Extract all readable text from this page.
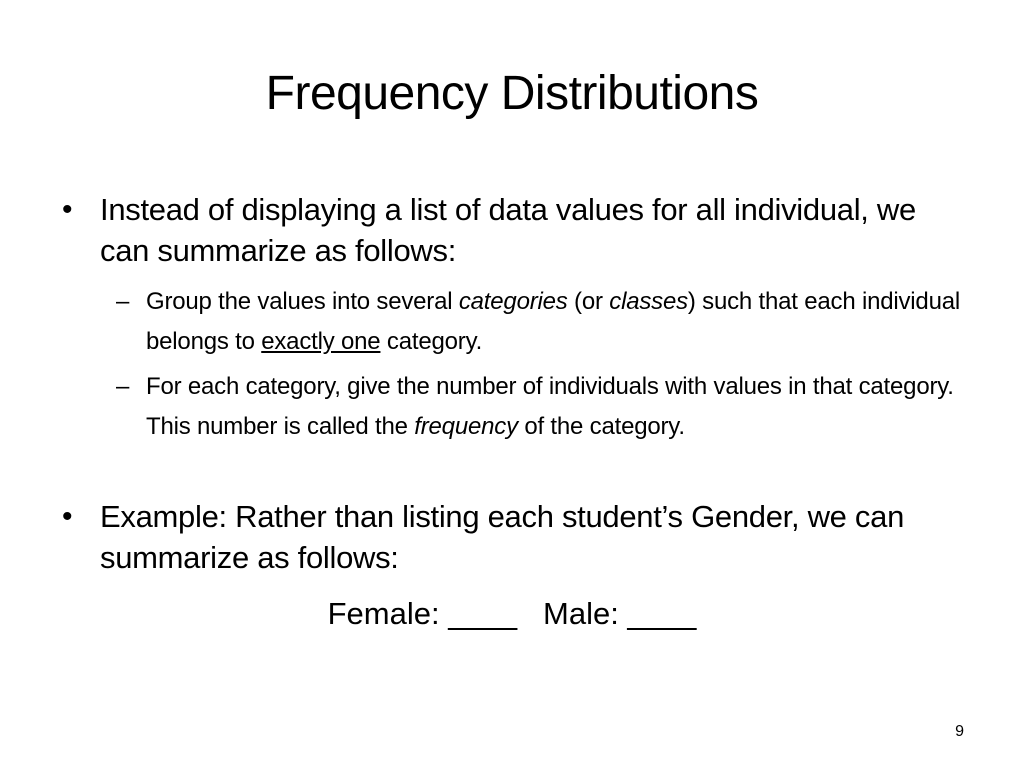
Frequency Distributions
• Instead of displaying a list of data values for all individual, we can summarize as follows:
– Group the values into several categories (or classes) such that each individual belongs to exactly one category.
– For each category, give the number of individuals with values in that category. This number is called the frequency of the category.
• Example: Rather than listing each student’s Gender, we can summarize as follows:
Female: ____   Male: ____
9
